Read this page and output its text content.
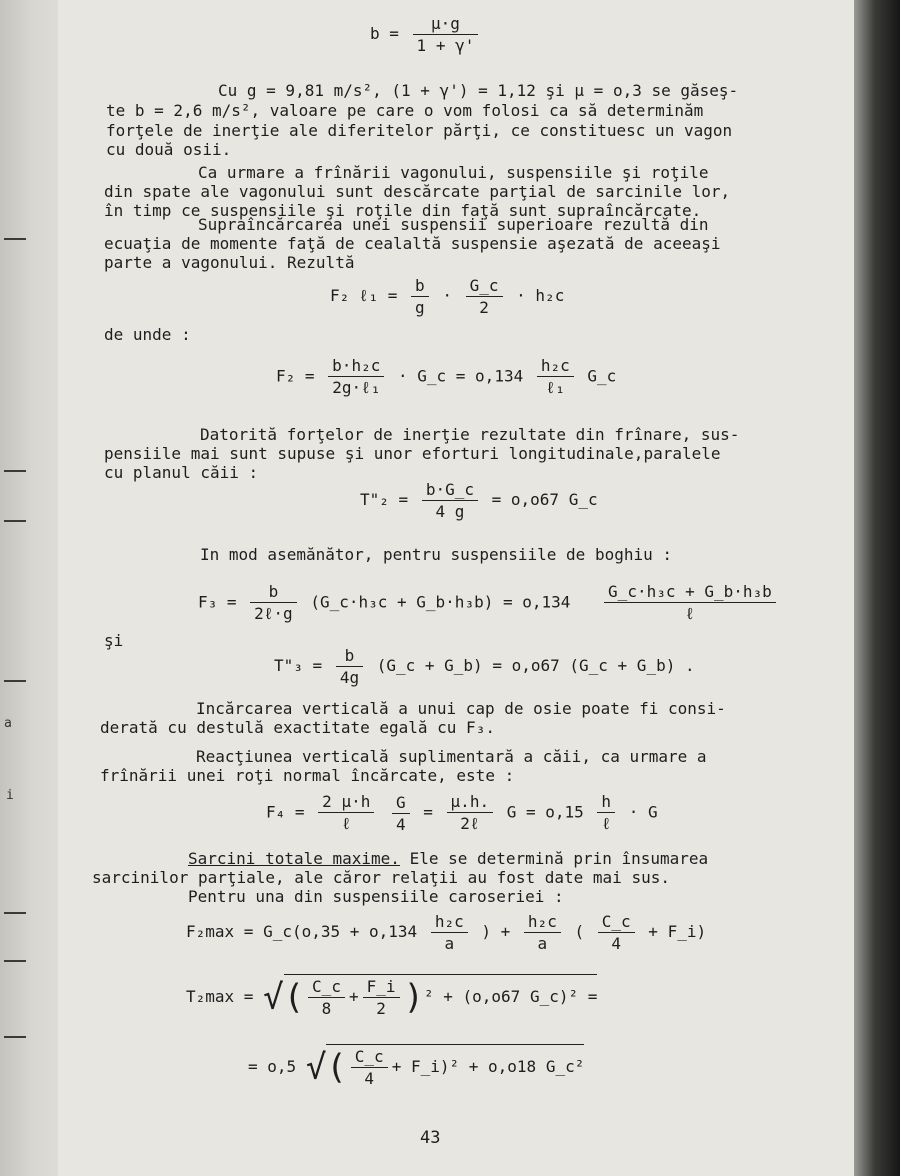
a
i
$b = \frac{\mu\cdot g}{1 + \gamma'}$
Cu g = 9,81 m/s², (1 + γ') = 1,12 şi μ = o,3 se găseş-
te b = 2,6 m/s², valoare pe care o vom folosi ca să determinăm
forţele de inerţie ale diferitelor părţi, ce constituesc un vagon
cu două osii.
Ca urmare a frînării vagonului, suspensiile şi roţile
din spate ale vagonului sunt descărcate parţial de sarcinile lor,
în timp ce suspensiile şi roţile din faţă sunt supraîncărcate.
Supraîncărcarea unei suspensii superioare rezultă din
ecuaţia de momente faţă de cealaltă suspensie aşezată de aceeaşi
parte a vagonului. Rezultă
F₂ ℓ₁ = $\frac{b}{g} \cdot \frac{G\_c}{2} \cdot h_2c$
de unde :
$F_2 = \frac{\text{b·h₂c}}{\text{2g·ℓ₁}}$ · G_c = $o,134 \frac{\text{h₂c}}{\text{ℓ₁}}$ G_c
Datorită forţelor de inerţie rezultate din frînare, sus-
pensiile mai sunt supuse şi unor eforturi longitudinale,paralele
cu planul căii :
T"₂ = $\frac{b\cdot G\_c}{4 g} = o,o67$ G_c
In mod asemănător, pentru suspensiile de boghiu :
$F_3 = \frac{b}{\text{2ℓ·g}}$ (G_c·h₃c + G_b·h₃b) = $o,134 \frac{\text{G\_c·h₃c + G\_b·h₃b}}{\text{ℓ}}$
şi
T"₃ = $\frac{b}{4g}$ (G_c + G_b) = o,o67 (G_c + G_b) .
Incărcarea verticală a unui cap de osie poate fi consi-
derată cu destulă exactitate egală cu F₃.
Reacţiunea verticală suplimentară a căii, ca urmare a
frînării unei roţi normal încărcate, este :
$F_4 = \frac{2 \mu\cdot h}{\text{ℓ}}$
$\frac{G}{4} = \frac{\mu.h.}{\text{2ℓ}}$ $G = o,15 \frac{h}{\text{ℓ}} \cdot G$
Sarcini totale maxime. Ele se determină prin însumarea
sarcinilor parţiale, ale căror relaţii au fost date mai sus.
Pentru una din suspensiile caroseriei :
F₂max = G_c(o,35 + $o,134 \frac{\text{h₂c}}{a}$ ) + $\frac{\text{h₂c}}{a}$ ( $\frac{C\_c}{4}$ + F_i)
T₂max = √( $\frac{C\_c}{8} + \frac{F\_i}{2} )^2 + (o,o67$ G_c)² =
= o,5 √( $\frac{C\_c}{4}$ + F_i)² + o,o18 G_c²
43
